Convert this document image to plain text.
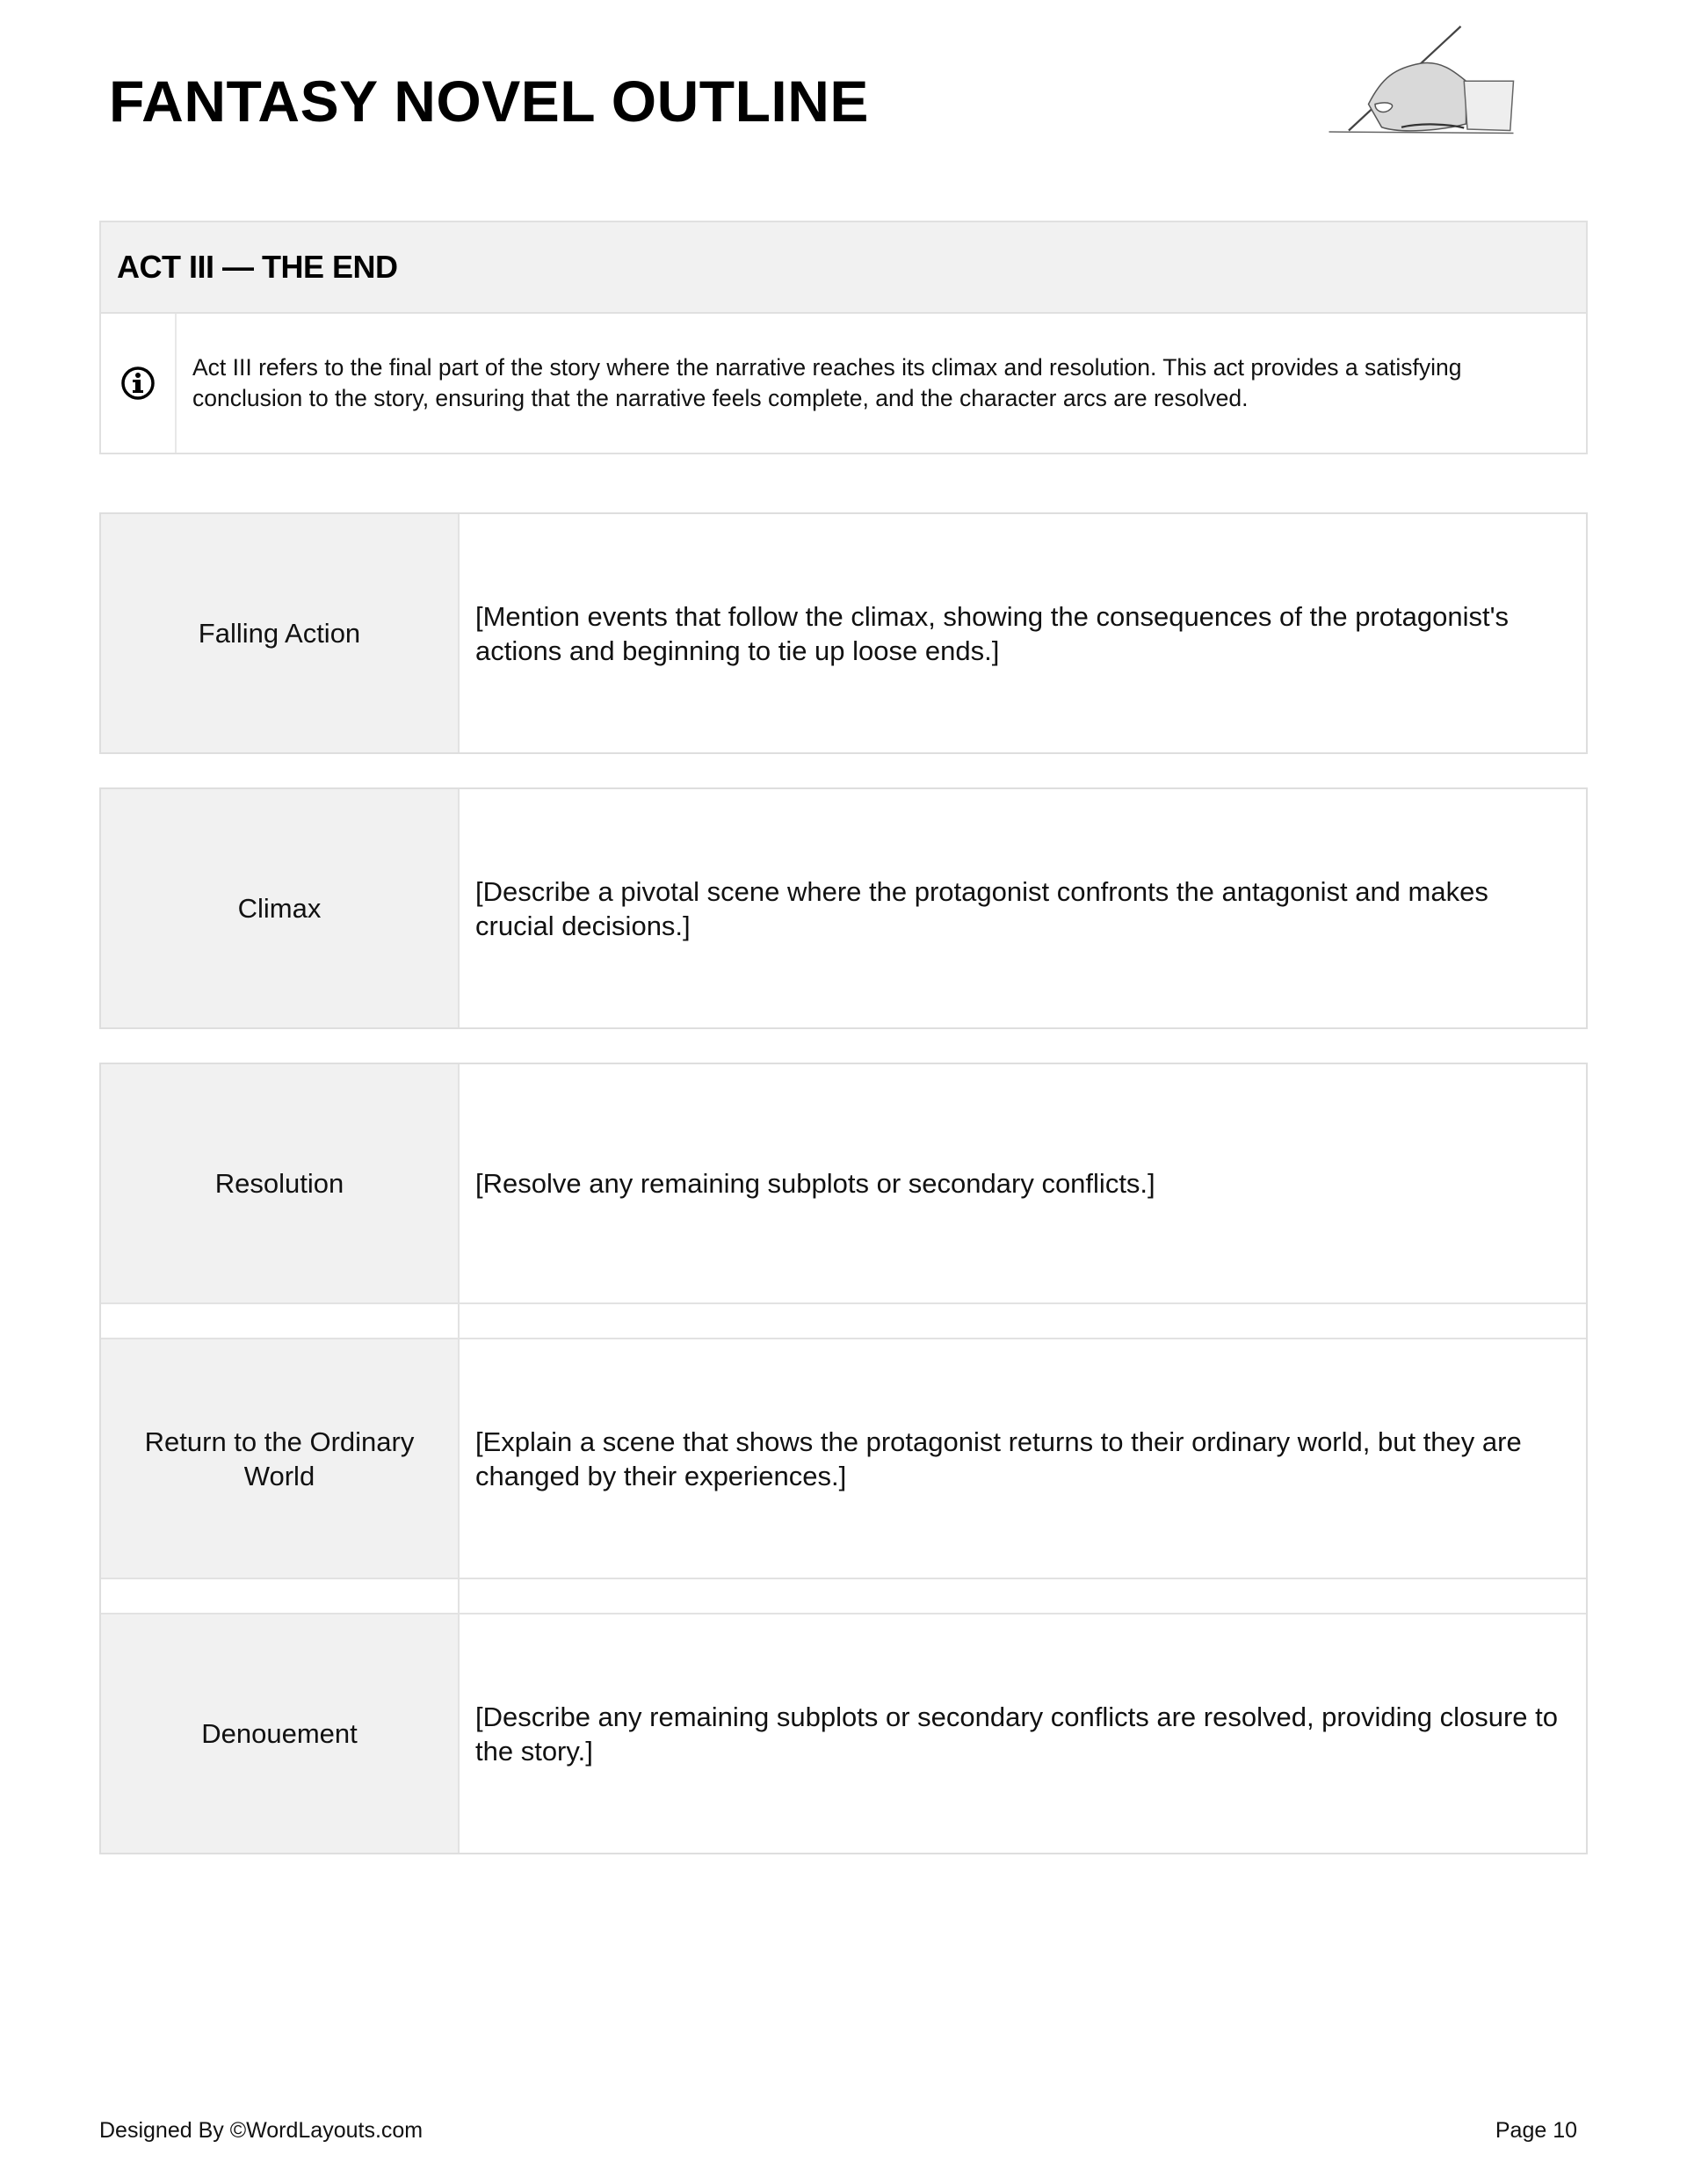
FANTASY NOVEL OUTLINE
ACT III — THE END
Act III refers to the final part of the story where the narrative reaches its climax and resolution. This act provides a satisfying conclusion to the story, ensuring that the narrative feels complete, and the character arcs are resolved.
Falling Action
[Mention events that follow the climax, showing the consequences of the protagonist's actions and beginning to tie up loose ends.]
Climax
[Describe a pivotal scene where the protagonist confronts the antagonist and makes crucial decisions.]
Resolution	[Resolve any remaining subplots or secondary conflicts.]
Return to the Ordinary World
[Explain a scene that shows the protagonist returns to their ordinary world, but they are changed by their experiences.]
Denouement
[Describe any remaining subplots or secondary conflicts are resolved, providing closure to the story.]
Designed By ©WordLayouts.com	Page 10
